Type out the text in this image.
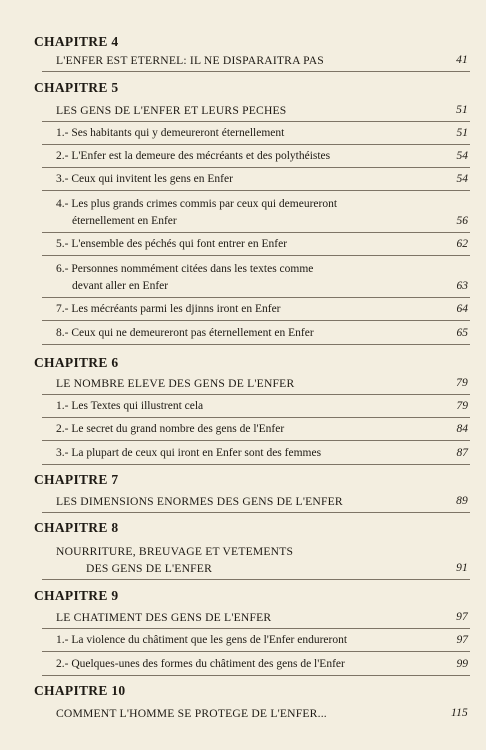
CHAPITRE 4
L'ENFER EST ETERNEL: IL NE DISPARAITRA PAS	41
CHAPITRE 5
LES GENS DE L'ENFER ET LEURS PECHES	51
1.- Ses habitants qui y demeureront éternellement	51
2.- L'Enfer est la demeure des mécréants et des polythéistes	54
3.- Ceux qui invitent les gens en Enfer	54
4.- Les plus grands crimes commis par ceux qui demeureront
éternellement en Enfer	56
5.- L'ensemble des péchés qui font entrer en Enfer	62
6.- Personnes nommément citées dans les textes comme
devant aller en Enfer	63
7.- Les mécréants parmi les djinns iront en Enfer	64
8.- Ceux qui ne demeureront pas éternellement en Enfer	65
CHAPITRE 6
LE NOMBRE ELEVE DES GENS DE L'ENFER	79
1.- Les Textes qui illustrent cela	79
2.- Le secret du grand nombre des gens de l'Enfer	84
3.- La plupart de ceux qui iront en Enfer sont des femmes	87
CHAPITRE 7
LES DIMENSIONS ENORMES DES GENS DE L'ENFER	89
CHAPITRE 8
NOURRITURE, BREUVAGE ET VETEMENTS
DES GENS DE L'ENFER	91
CHAPITRE 9
LE CHATIMENT DES GENS DE L'ENFER	97
1.- La violence du châtiment que les gens de l'Enfer endureront	97
2.- Quelques-unes des formes du châtiment des gens de l'Enfer	99
CHAPITRE 10
COMMENT L'HOMME SE PROTEGE DE L'ENFER...	115
